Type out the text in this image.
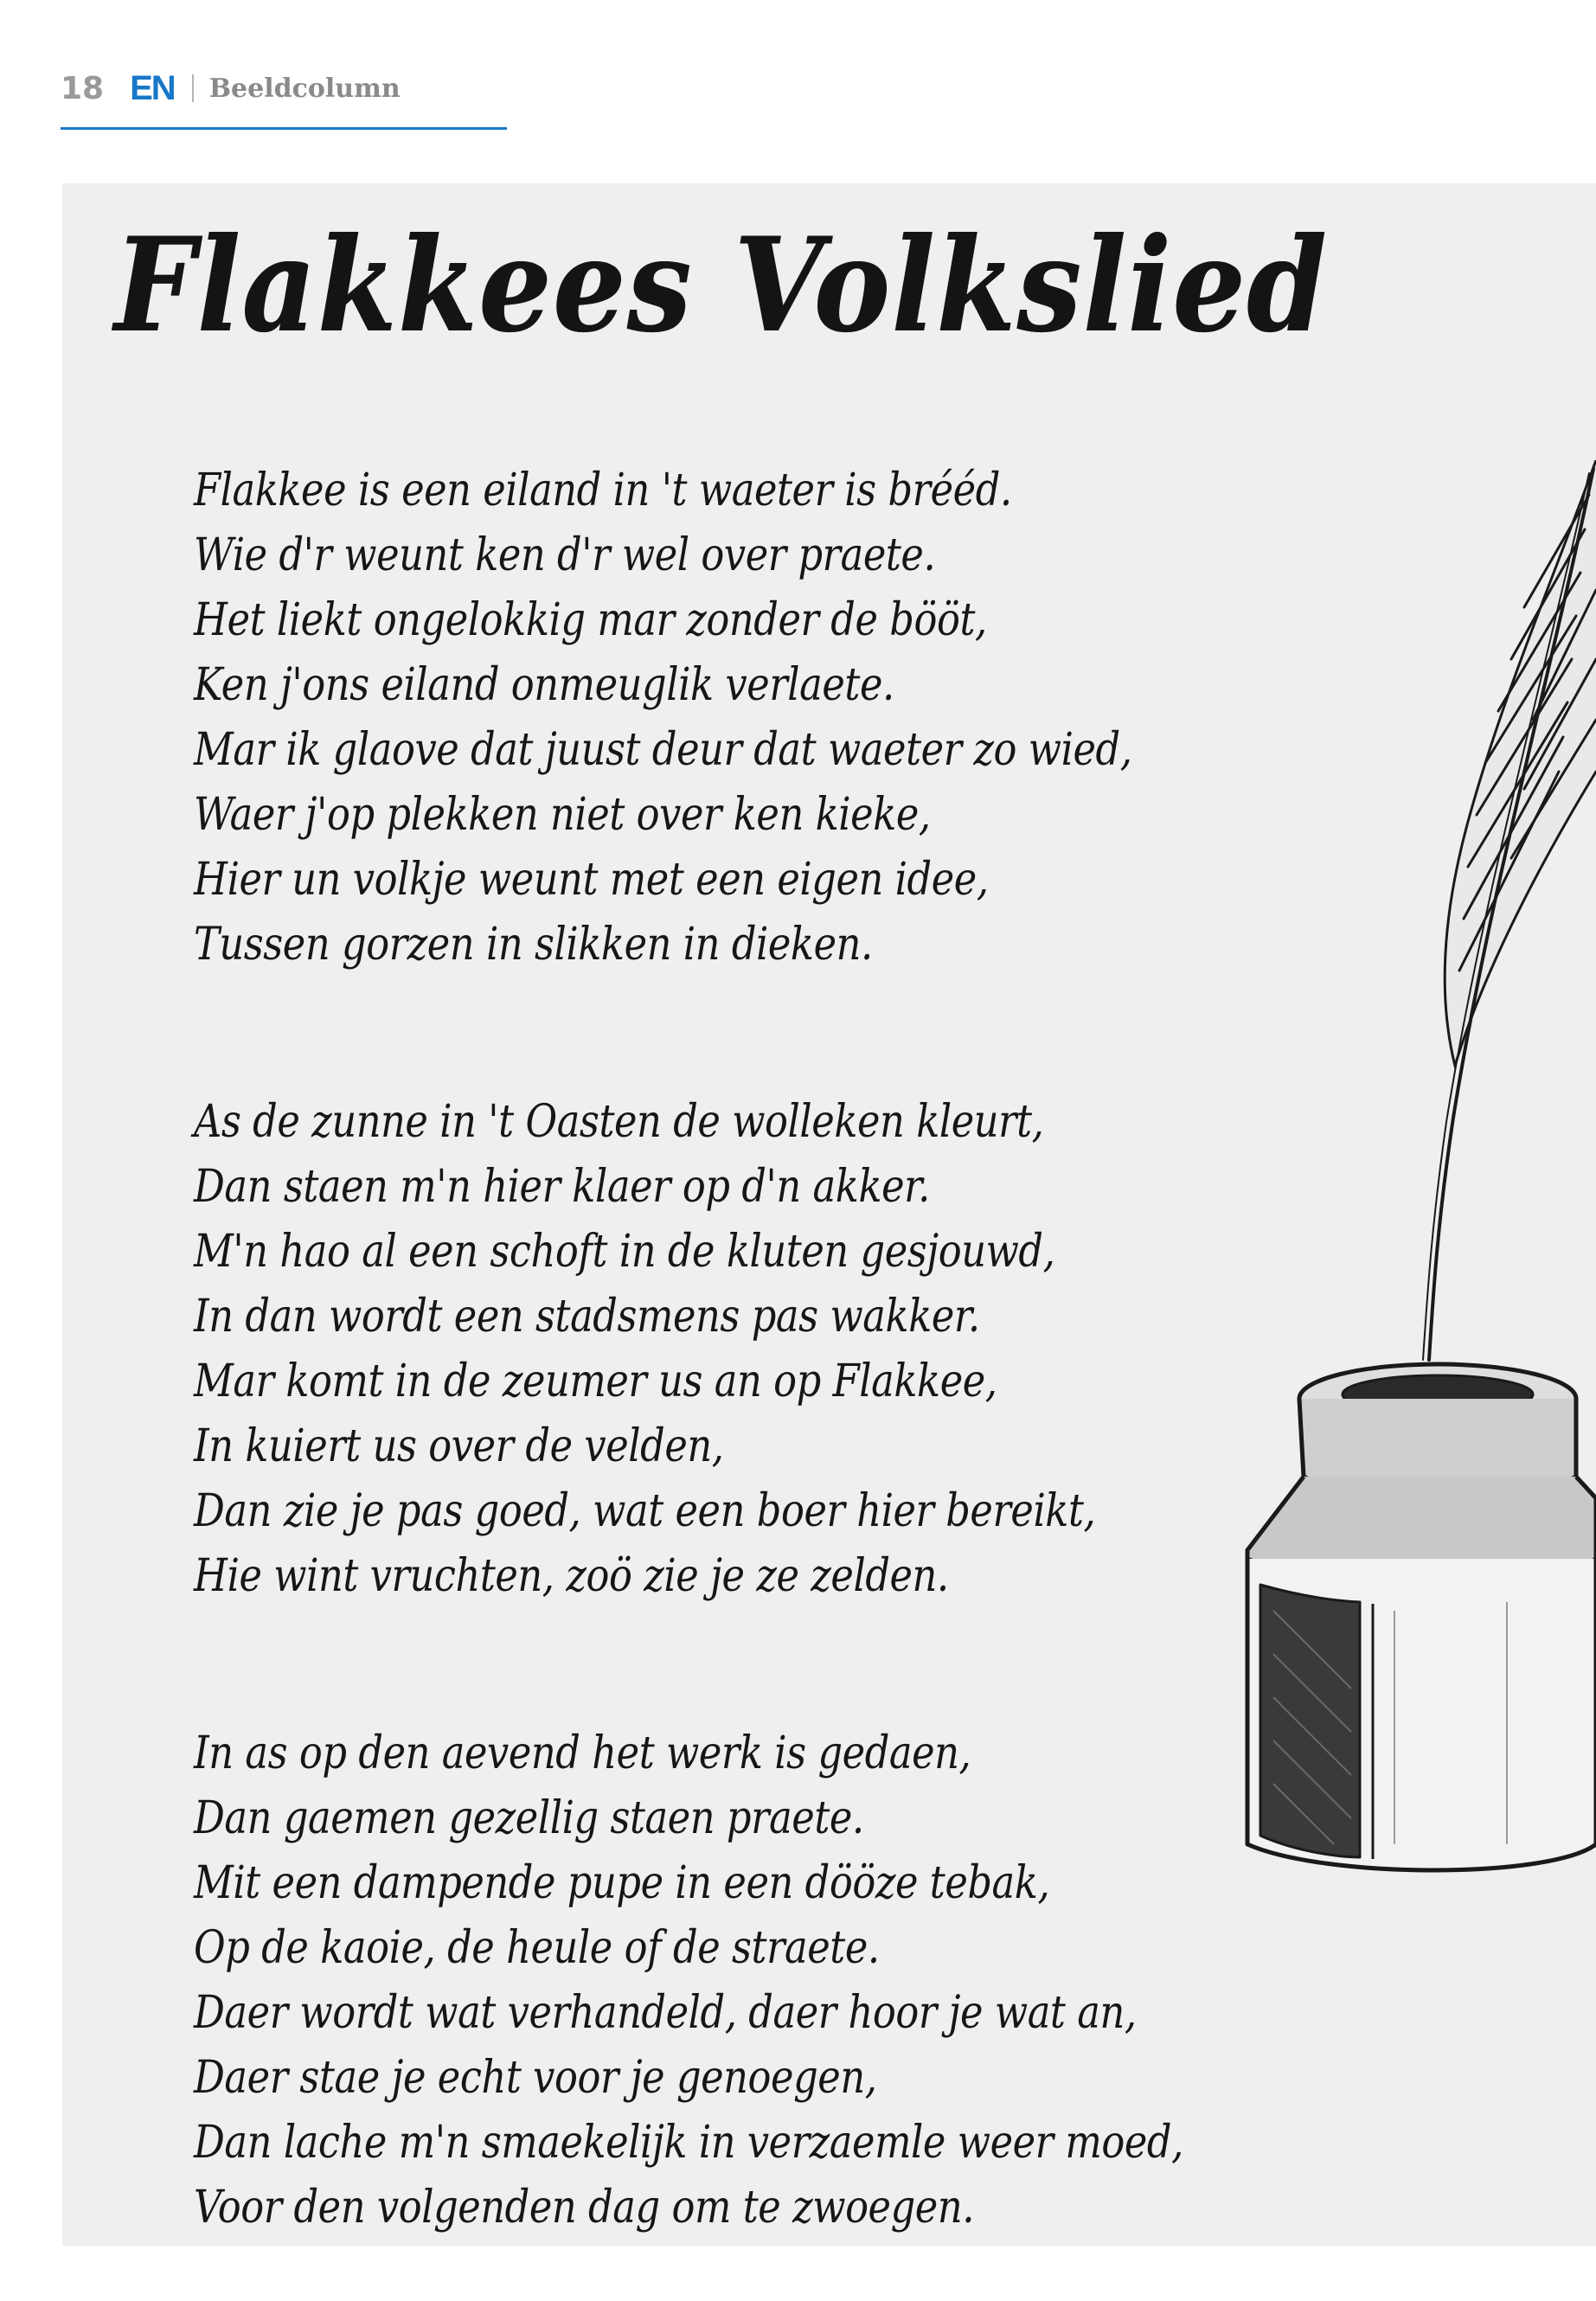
18 EN Beeldcolumn
Flakkees Volkslied
Flakkee is een eiland in 't waeter is brééd.
Wie d'r weunt ken d'r wel over praete.
Het liekt ongelokkig mar zonder de bööt,
Ken j'ons eiland onmeuglik verlaete.
Mar ik glaove dat juust deur dat waeter zo wied,
Waer j'op plekken niet over ken kieke,
Hier un volkje weunt met een eigen idee,
Tussen gorzen in slikken in dieken.
As de zunne in 't Oasten de wolleken kleurt,
Dan staen m'n hier klaer op d'n akker.
M'n hao al een schoft in de kluten gesjouwd,
In dan wordt een stadsmens pas wakker.
Mar komt in de zeumer us an op Flakkee,
In kuiert us over de velden,
Dan zie je pas goed, wat een boer hier bereikt,
Hie wint vruchten, zoö zie je ze zelden.
In as op den aevend het werk is gedaen,
Dan gaemen gezellig staen praete.
Mit een dampende pupe in een dööze tebak,
Op de kaoie, de heule of de straete.
Daer wordt wat verhandeld, daer hoor je wat an,
Daer stae je echt voor je genoegen,
Dan lache m'n smaekelijk in verzaemle weer moed,
Voor den volgenden dag om te zwoegen.
